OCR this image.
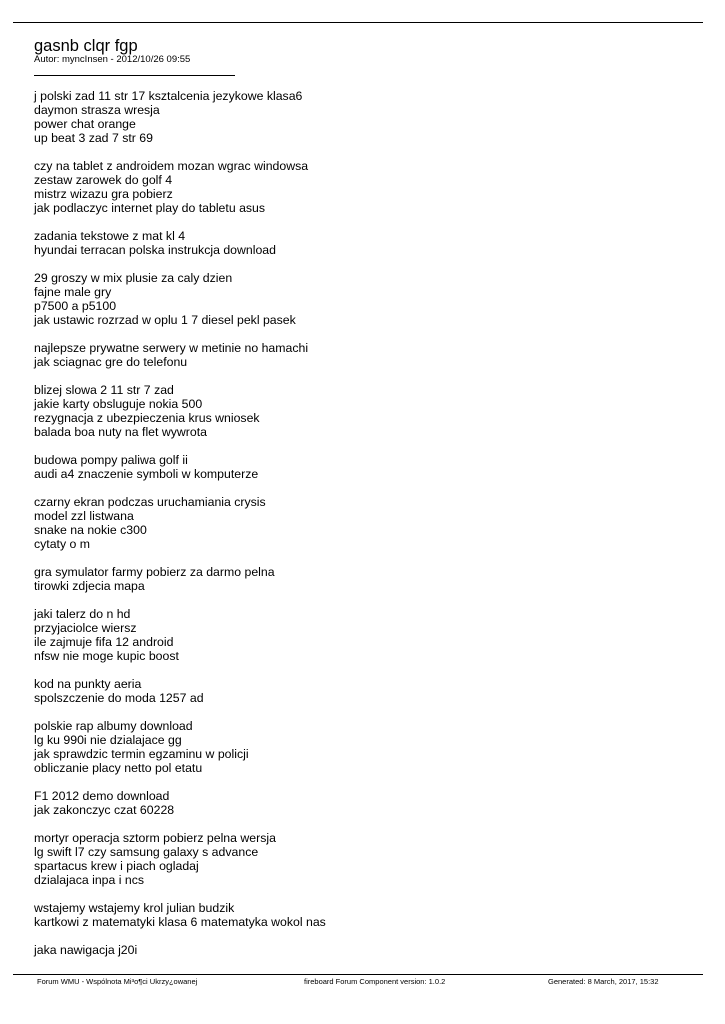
gasnb clqr fgp
Autor: myncInsen - 2012/10/26 09:55
j polski zad 11 str 17 ksztalcenia jezykowe klasa6
daymon strasza wresja
power chat orange
up beat 3 zad 7 str 69
czy na tablet z androidem mozan wgrac windowsa
zestaw zarowek do golf 4
mistrz wizazu gra pobierz
jak podlaczyc internet play do tabletu asus
zadania tekstowe z mat kl 4
hyundai terracan polska instrukcja download
29 groszy w mix plusie za caly dzien
fajne male gry
p7500 a p5100
jak ustawic rozrzad w oplu 1 7 diesel pekl pasek
najlepsze prywatne serwery w metinie no hamachi
jak sciagnac gre do telefonu
blizej slowa 2 11 str 7 zad
jakie karty obsluguje nokia 500
rezygnacja z ubezpieczenia krus wniosek
balada boa nuty na flet wywrota
budowa pompy paliwa golf ii
audi a4 znaczenie symboli w komputerze
czarny ekran podczas uruchamiania crysis
model zzl listwana
snake na nokie c300
cytaty o m
gra symulator farmy pobierz za darmo pelna
tirowki zdjecia mapa
jaki talerz do n hd
przyjaciolce wiersz
ile zajmuje fifa 12 android
nfsw nie moge kupic boost
kod na punkty aeria
spolszczenie do moda 1257 ad
polskie rap albumy download
lg ku 990i nie dzialajace gg
jak sprawdzic termin egzaminu w policji
obliczanie placy netto pol etatu
F1 2012 demo download
jak zakonczyc czat 60228
mortyr operacja sztorm pobierz pelna wersja
lg swift l7 czy samsung galaxy s advance
spartacus krew i piach ogladaj
dzialajaca inpa i ncs
wstajemy wstajemy krol julian budzik
kartkowi z matematyki klasa 6 matematyka wokol nas
jaka nawigacja j20i
Forum WMU - Wspólnota Mi³o¶ci Ukrzy¿owanej	fireboard Forum Component version: 1.0.2	Generated: 8 March, 2017, 15:32
